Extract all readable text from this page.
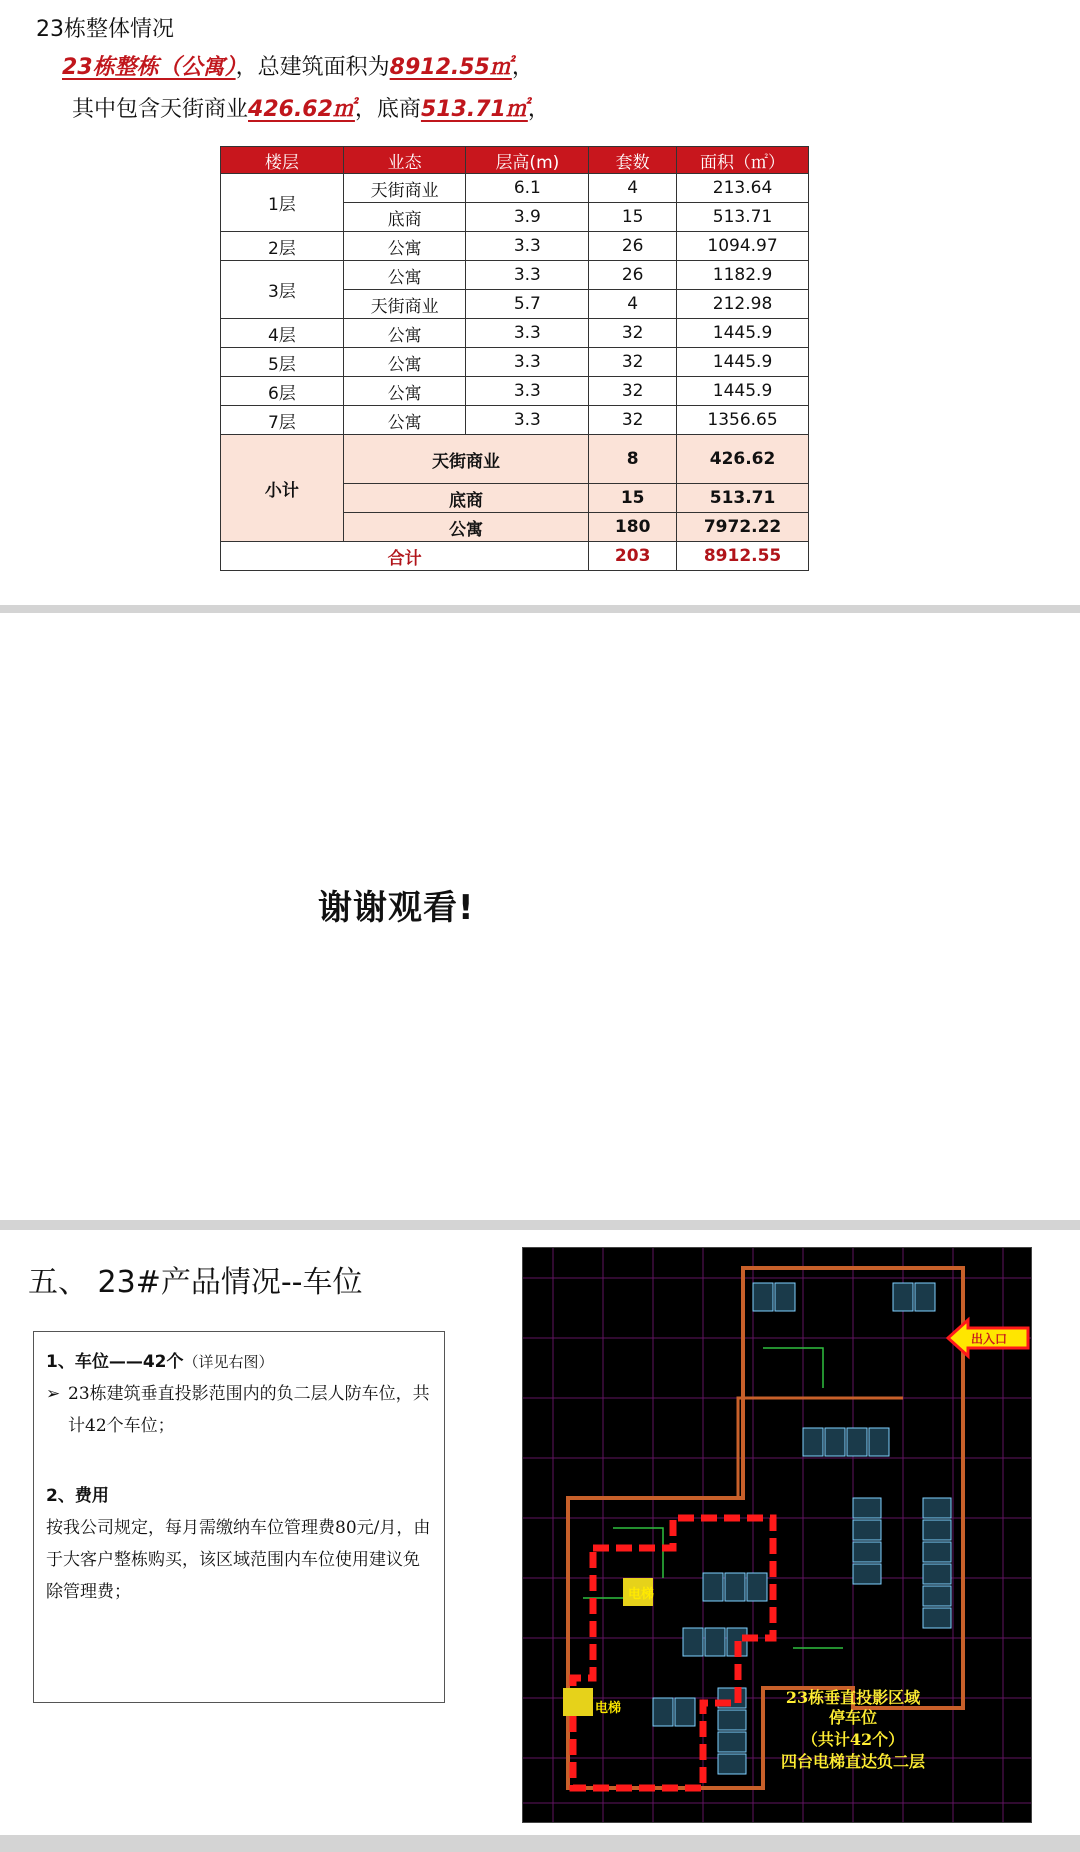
23栋整体情况
23栋整栋（公寓），总建筑面积为8912.55㎡，
其中包含天街商业426.62㎡，底商513.71㎡，
楼层	业态	层高(m)	套数	面积（㎡）
1层	天街商业	6.1	4	213.64
	底商	3.9	15	513.71
2层	公寓	3.3	26	1094.97
3层	公寓	3.3	26	1182.9
	天街商业	5.7	4	212.98
4层	公寓	3.3	32	1445.9
5层	公寓	3.3	32	1445.9
6层	公寓	3.3	32	1445.9
7层	公寓	3.3	32	1356.65
小计	天街商业		8	426.62
	底商		15	513.71
	公寓		180	7972.22
合计			203	8912.55
谢谢观看!
五、 23#产品情况--车位
1、车位——42个（详见右图）
➢ 23栋建筑垂直投影范围内的负二层人防车位，共计42个车位；
2、费用
按我公司规定，每月需缴纳车位管理费80元/月，由于大客户整栋购买，该区域范围内车位使用建议免除管理费；	电梯
电梯
出入口
23栋垂直投影区域
停车位
（共计42个）
四台电梯直达负二层
